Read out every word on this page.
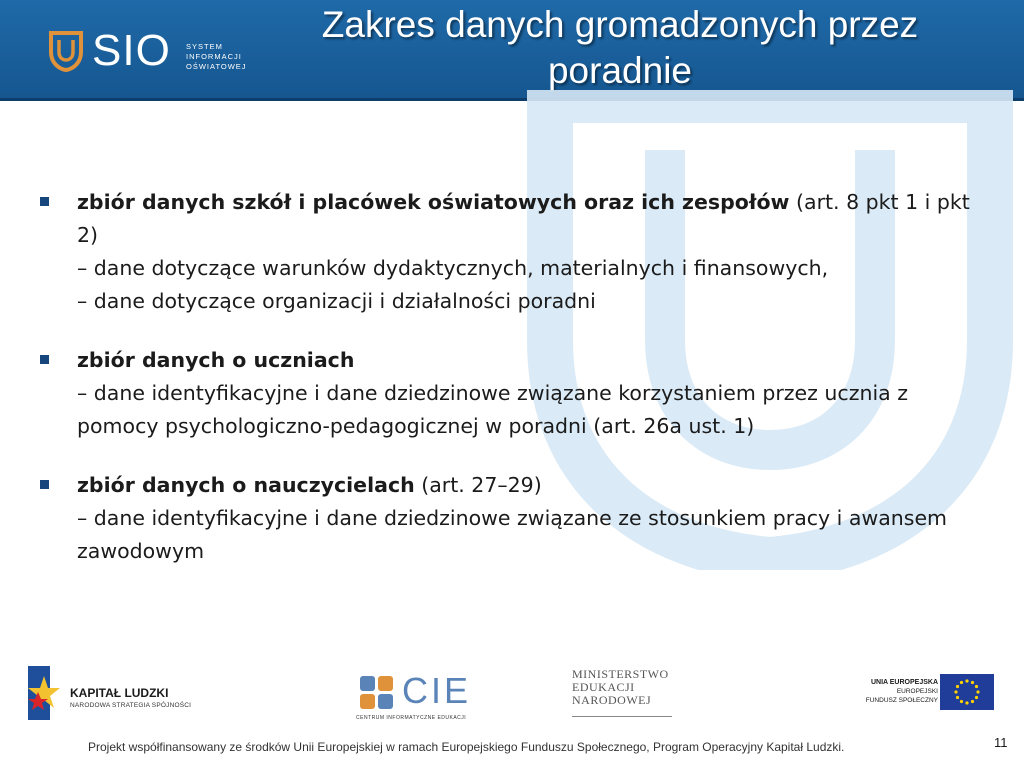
SIO SYSTEM
INFORMACJI
OŚWIATOWEJ
Zakres danych gromadzonych przez poradnie
zbiór danych szkół i placówek oświatowych oraz ich zespołów (art. 8 pkt 1 i pkt 2)
– dane dotyczące warunków dydaktycznych, materialnych i finansowych,
– dane dotyczące organizacji i działalności poradni
zbiór danych o uczniach
– dane identyfikacyjne i dane dziedzinowe związane korzystaniem przez ucznia z pomocy psychologiczno-pedagogicznej w poradni (art. 26a ust. 1)
zbiór danych o nauczycielach (art. 27–29)
– dane identyfikacyjne i dane dziedzinowe związane ze stosunkiem pracy i awansem zawodowym
KAPITAŁ LUDZKI
NARODOWA STRATEGIA SPÓJNOŚCI	CIE
CENTRUM INFORMATYCZNE EDUKACJI
MINISTERSTWO
EDUKACJI
NARODOWEJ
UNIA EUROPEJSKA
EUROPEJSKI
FUNDUSZ SPOŁECZNY
Projekt współfinansowany ze środków Unii Europejskiej w ramach Europejskiego Funduszu Społecznego, Program Operacyjny Kapitał Ludzki.	11
